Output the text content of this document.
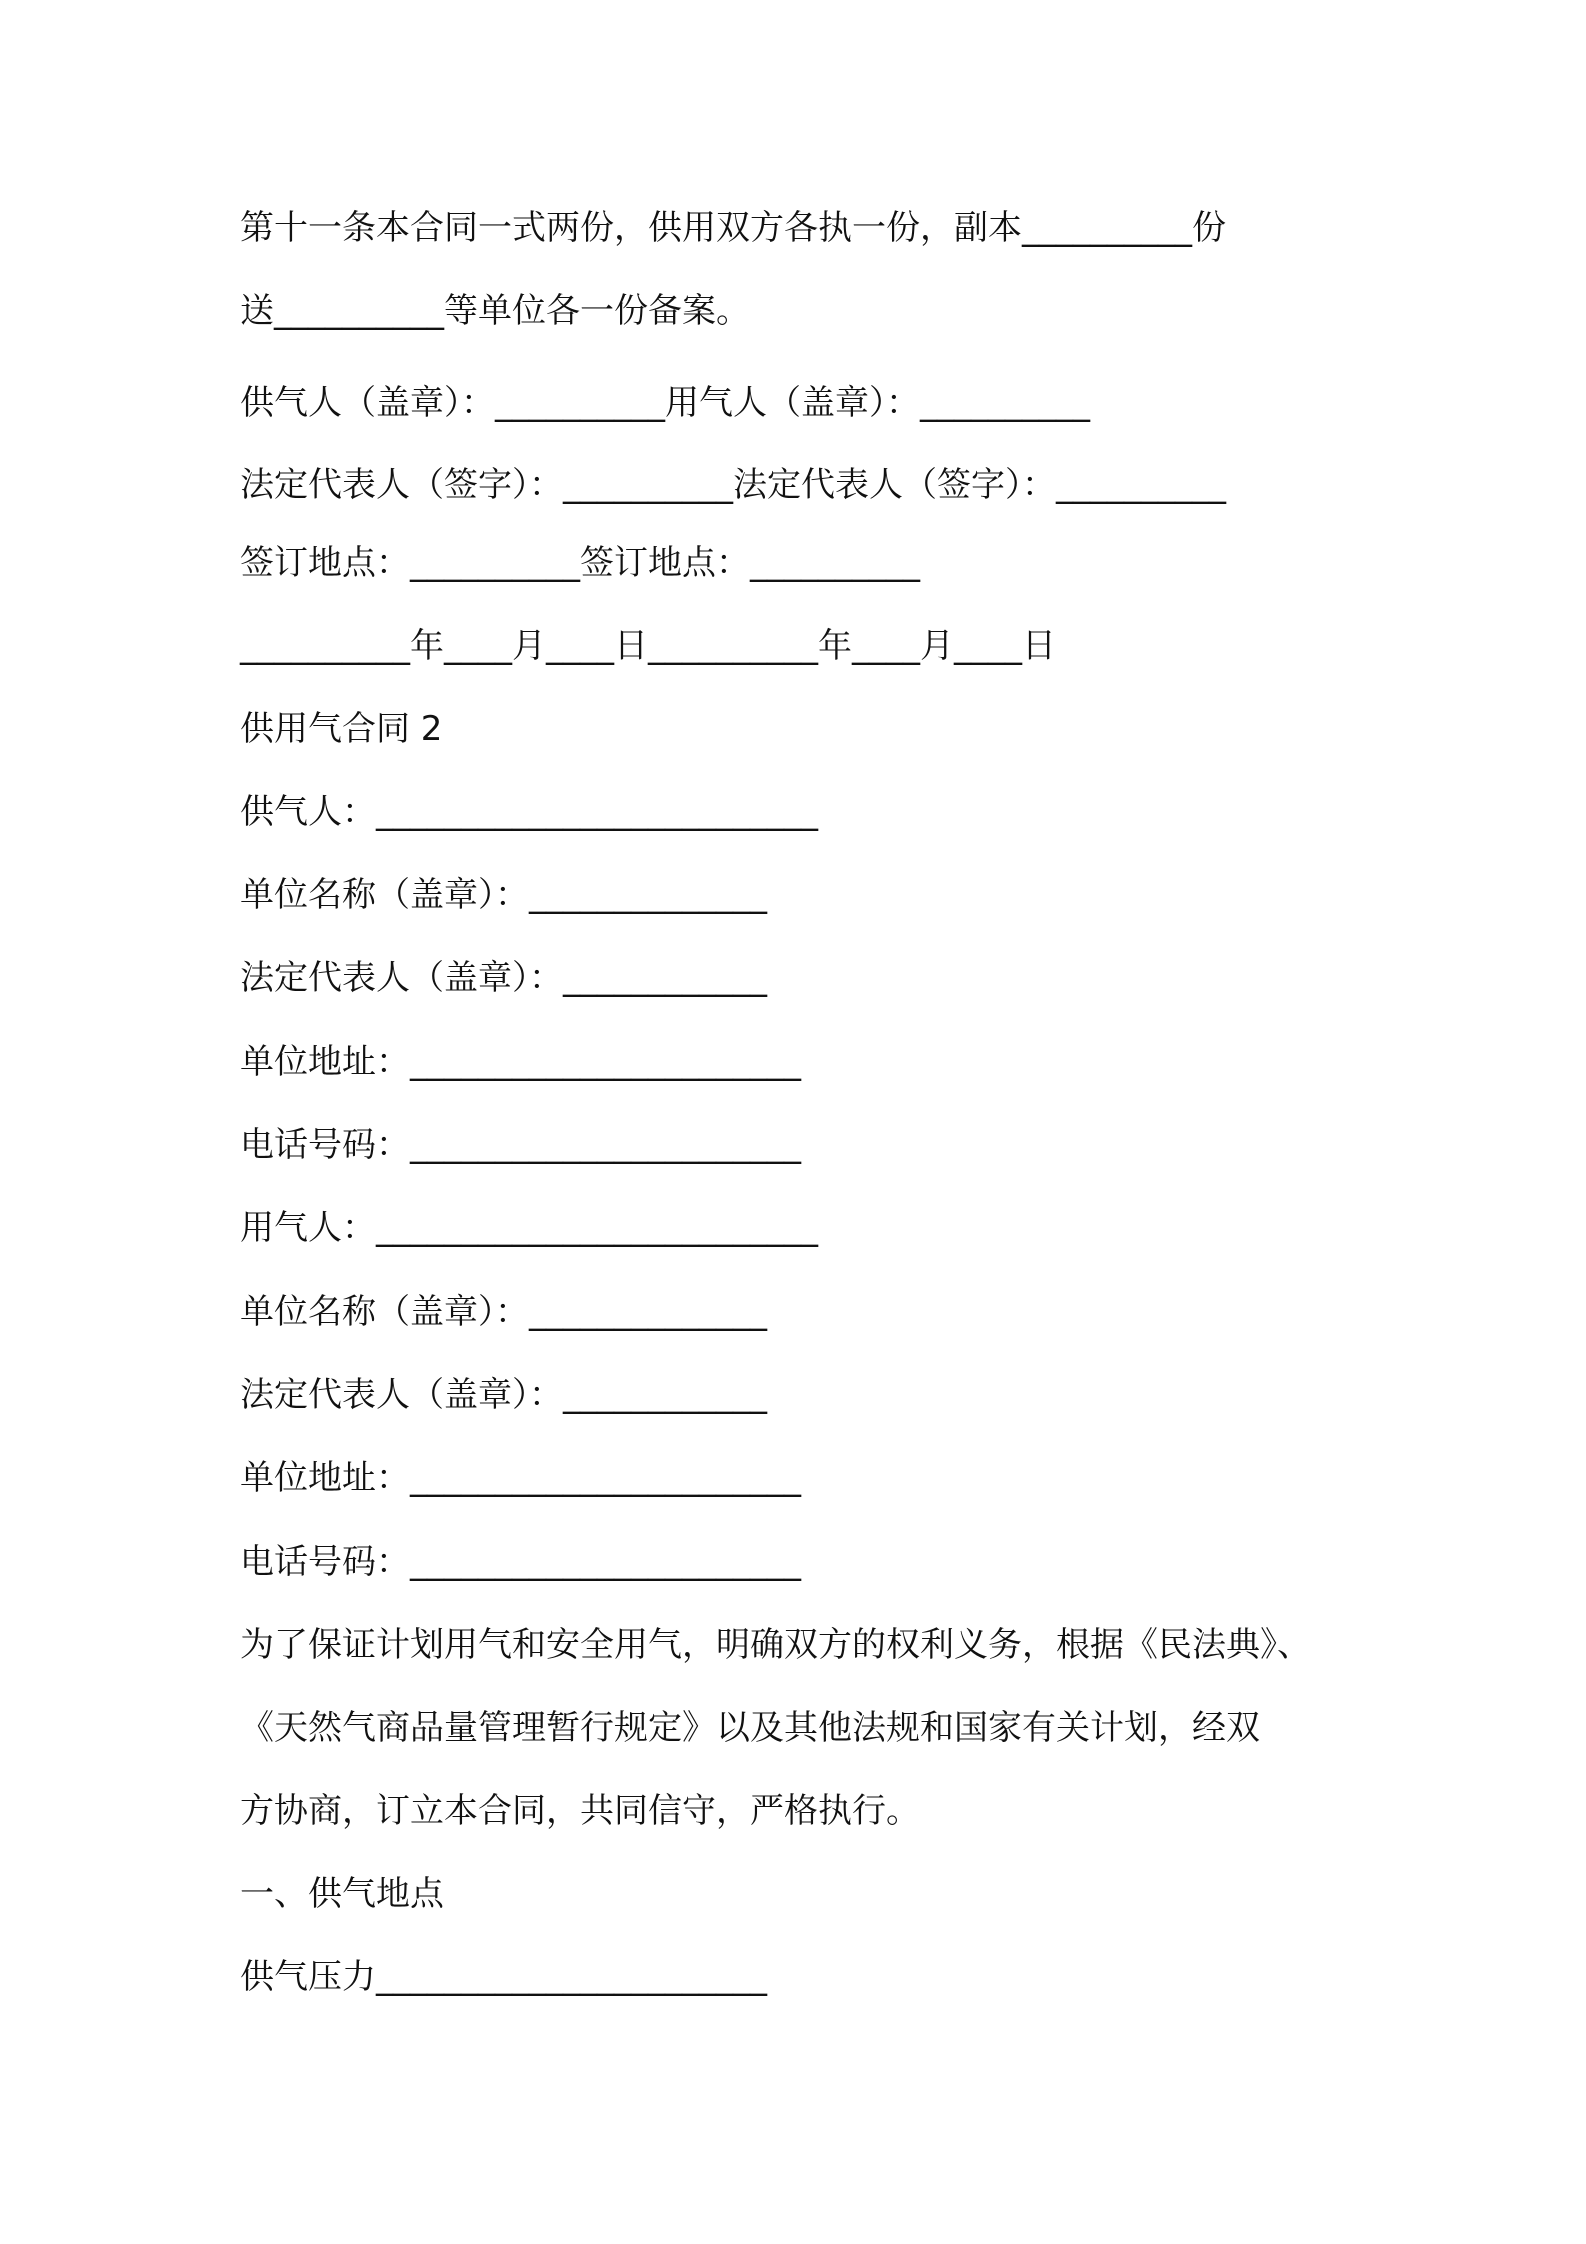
第十一条本合同一式两份，供用双方各执一份，副本__________份
送__________等单位各一份备案。
供气人（盖章）：__________用气人（盖章）：__________
法定代表人（签字）：__________法定代表人（签字）：__________
签订地点：__________签订地点：__________
__________年____月____日__________年____月____日
供用气合同 2
供气人：__________________________
单位名称（盖章）：______________
法定代表人（盖章）：____________
单位地址：_______________________
电话号码：_______________________
用气人：__________________________
单位名称（盖章）：______________
法定代表人（盖章）：____________
单位地址：_______________________
电话号码：_______________________
为了保证计划用气和安全用气，明确双方的权利义务，根据《民法典》、
《天然气商品量管理暂行规定》以及其他法规和国家有关计划，经双
方协商，订立本合同，共同信守，严格执行。
一、供气地点
供气压力_______________________
